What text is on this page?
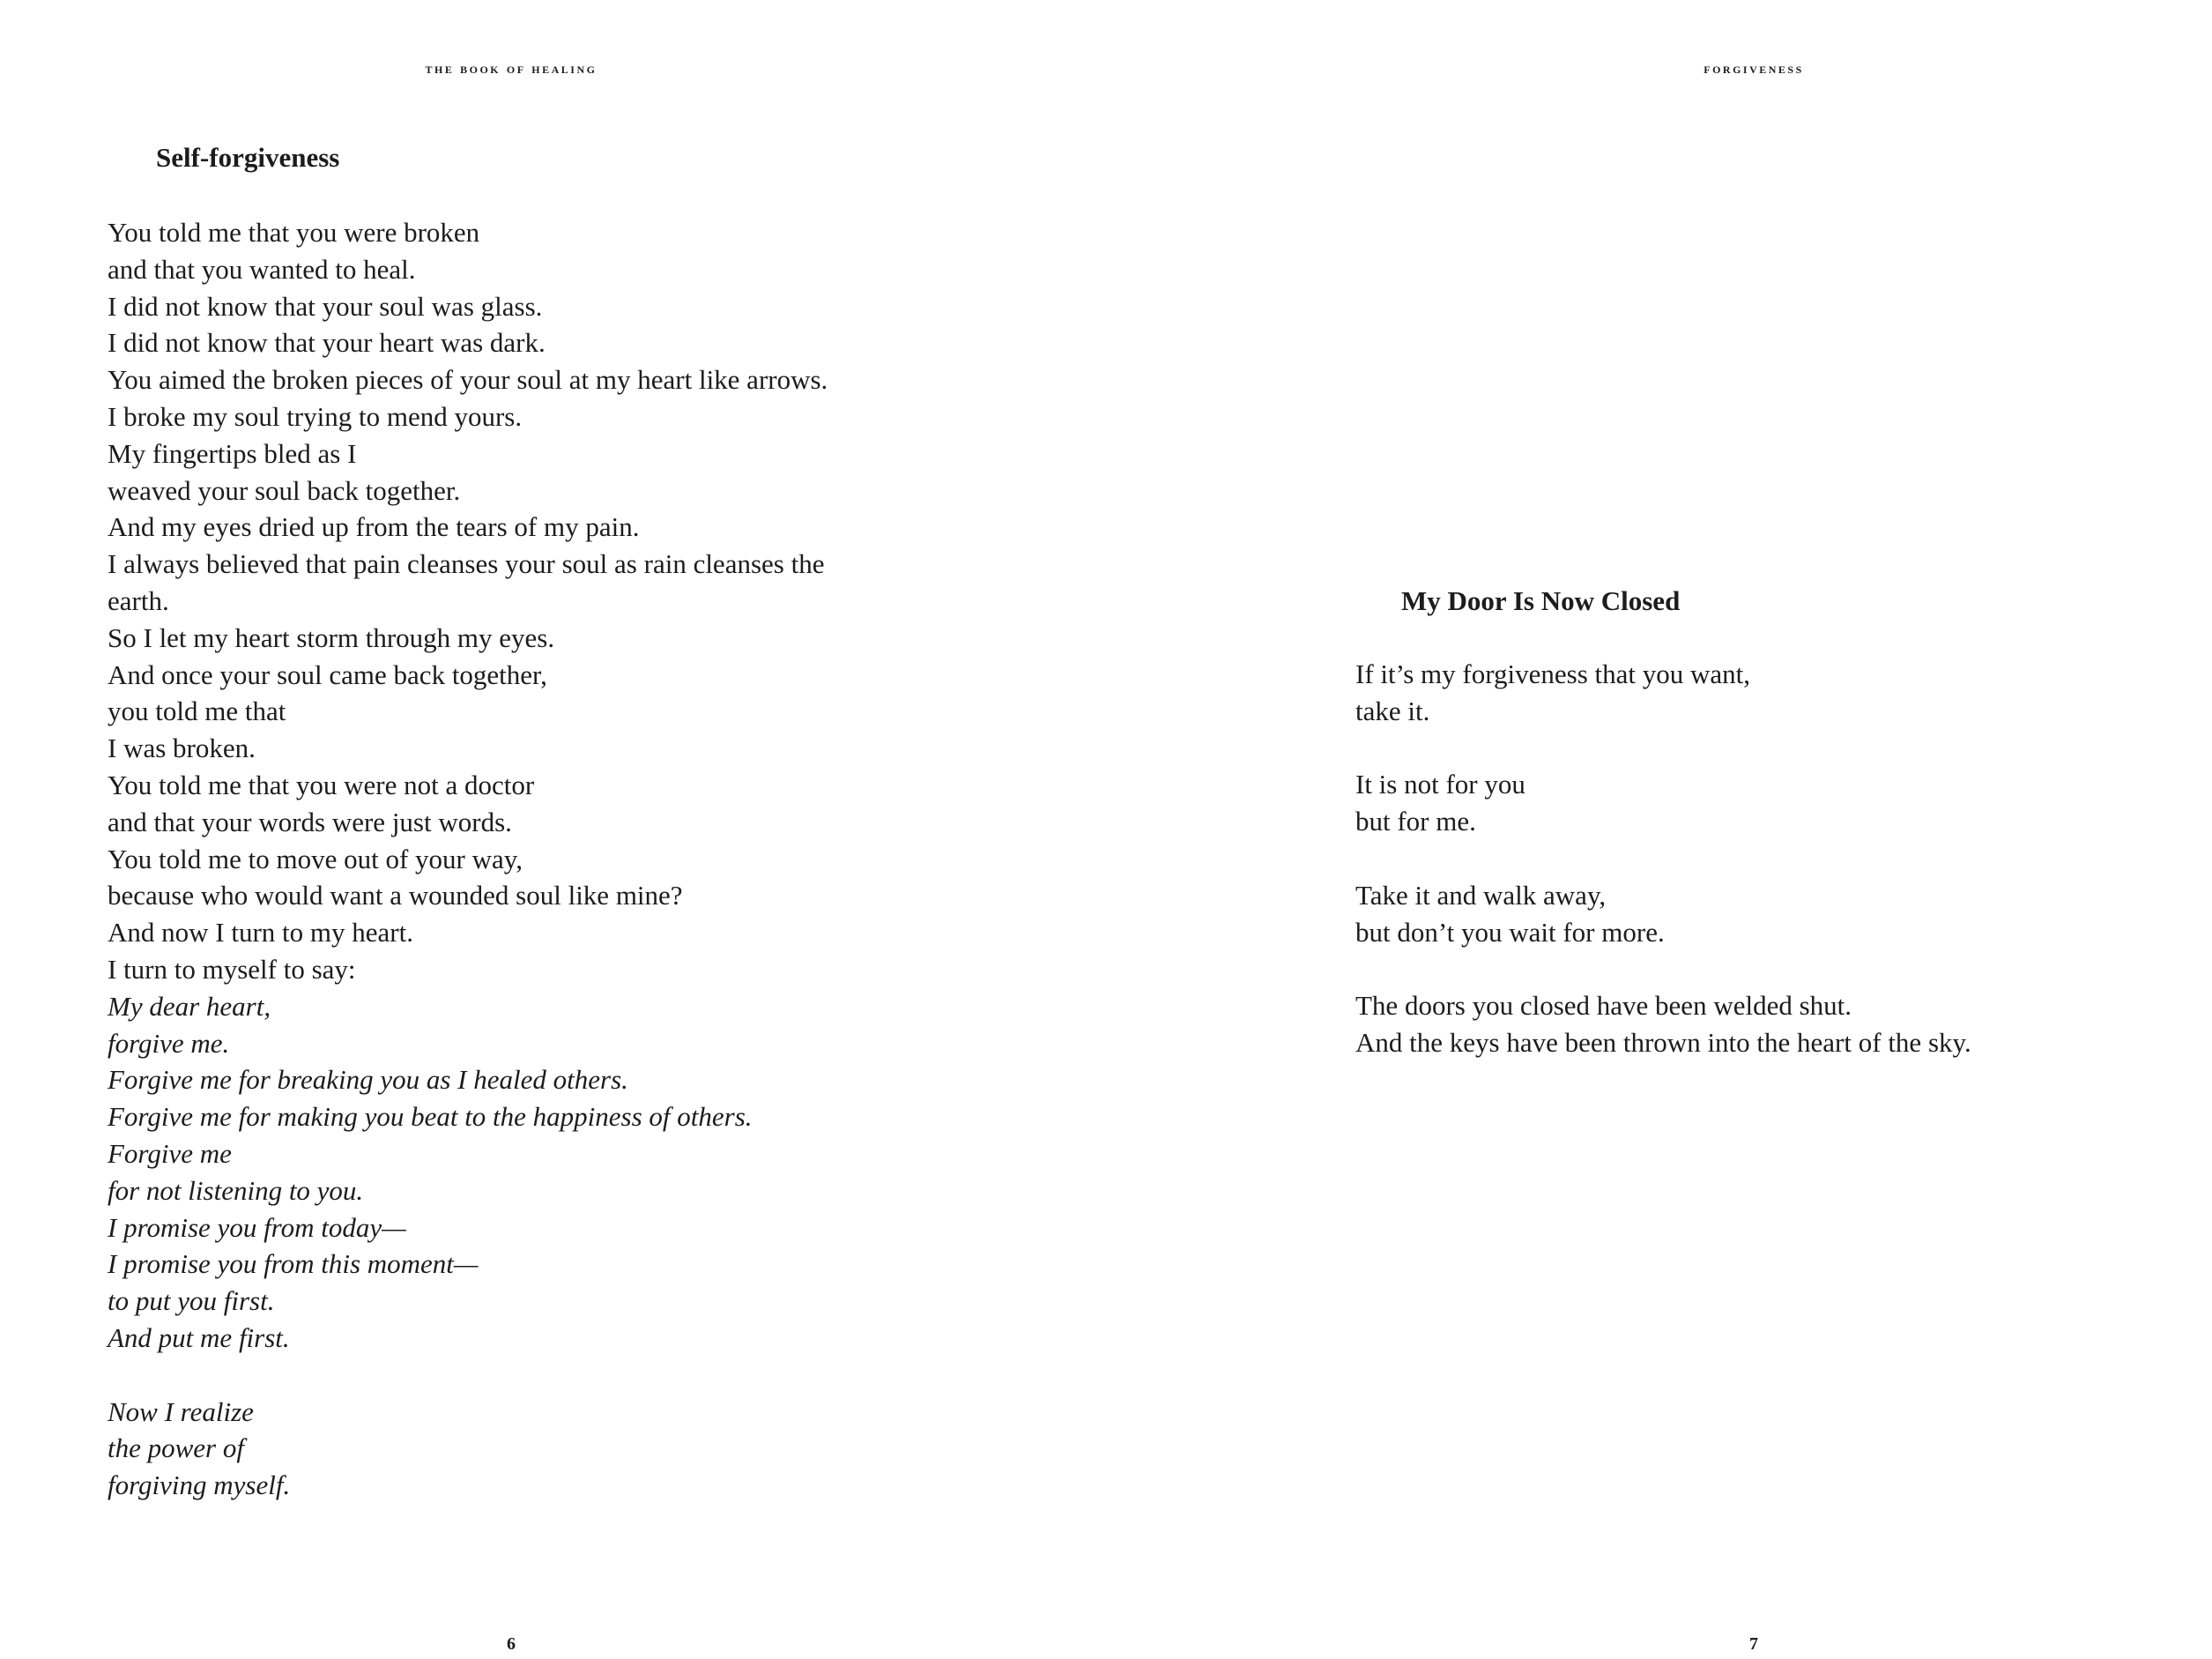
the book of healing
Self-forgiveness
You told me that you were broken
and that you wanted to heal.
I did not know that your soul was glass.
I did not know that your heart was dark.
You aimed the broken pieces of your soul at my heart like arrows.
I broke my soul trying to mend yours.
My fingertips bled as I
weaved your soul back together.
And my eyes dried up from the tears of my pain.
I always believed that pain cleanses your soul as rain cleanses the
earth.
So I let my heart storm through my eyes.
And once your soul came back together,
you told me that
I was broken.
You told me that you were not a doctor
and that your words were just words.
You told me to move out of your way,
because who would want a wounded soul like mine?
And now I turn to my heart.
I turn to myself to say:
My dear heart,
forgive me.
Forgive me for breaking you as I healed others.
Forgive me for making you beat to the happiness of others.
Forgive me
for not listening to you.
I promise you from today—
I promise you from this moment—
to put you first.
And put me first.
Now I realize
the power of
forgiving myself.
6
forgiveness
My Door Is Now Closed
If it’s my forgiveness that you want,
take it.
It is not for you
but for me.
Take it and walk away,
but don’t you wait for more.
The doors you closed have been welded shut.
And the keys have been thrown into the heart of the sky.
7
